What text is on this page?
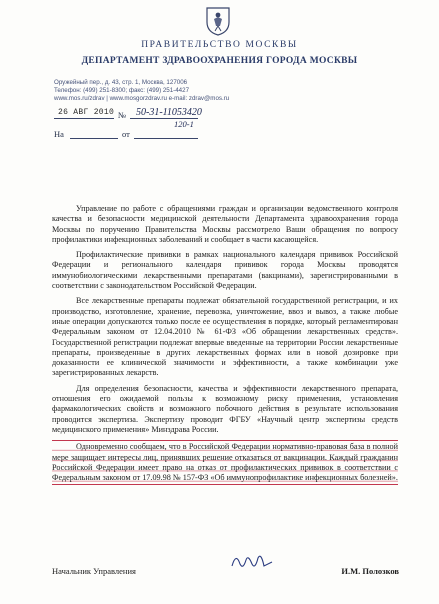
ПРАВИТЕЛЬСТВО МОСКВЫ
ДЕПАРТАМЕНТ ЗДРАВООХРАНЕНИЯ ГОРОДА МОСКВЫ
Оружейный пер., д. 43, стр. 1, Москва, 127006
Телефон: (499) 251-8300; факс: (499) 251-4427
www.mos.ru/zdrav | www.mosgorzdrav.ru e-mail: zdrav@mos.ru
26 АВГ 2010 № 50-31-11053420
120-1
На	от

Управление по работе с обращениями граждан и организации ведомственного контроля качества и безопасности медицинской деятельности Департамента здравоохранения города Москвы по поручению Правительства Москвы рассмотрело Ваши обращения по вопросу профилактики инфекционных заболеваний и сообщает в части касающейся.

Профилактические прививки в рамках национального календаря прививок Российской Федерации и регионального календаря прививок города Москвы проводятся иммунобиологическими лекарственными препаратами (вакцинами), зарегистрированными в соответствии с законодательством Российской Федерации.

Все лекарственные препараты подлежат обязательной государственной регистрации, и их производство, изготовление, хранение, перевозка, уничтожение, ввоз и вывоз, а также любые иные операции допускаются только после ее осуществления в порядке, который регламентирован Федеральным законом от 12.04.2010 № 61-ФЗ «Об обращении лекарственных средств». Государственной регистрации подлежат впервые введенные на территории России лекарственные препараты, произведенные в других лекарственных формах или в новой дозировке при доказанности ее клинической значимости и эффективности, а также комбинации уже зарегистрированных лекарств.

Для определения безопасности, качества и эффективности лекарственного препарата, отношения его ожидаемой пользы к возможному риску применения, установления фармакологических свойств и возможного побочного действия в результате использования проводится экспертиза. Экспертизу проводит ФГБУ «Научный центр экспертизы средств медицинского применения» Минздрава России.

Одновременно сообщаем, что в Российской Федерации нормативно-правовая база в полной мере защищает интересы лиц, принявших решение отказаться от вакцинации. Каждый гражданин Российской Федерации имеет право на отказ от профилактических прививок в соответствии с Федеральным законом от 17.09.98 № 157-ФЗ «Об иммунопрофилактике инфекционных болезней».

Начальник Управления	И.М. Полозков
